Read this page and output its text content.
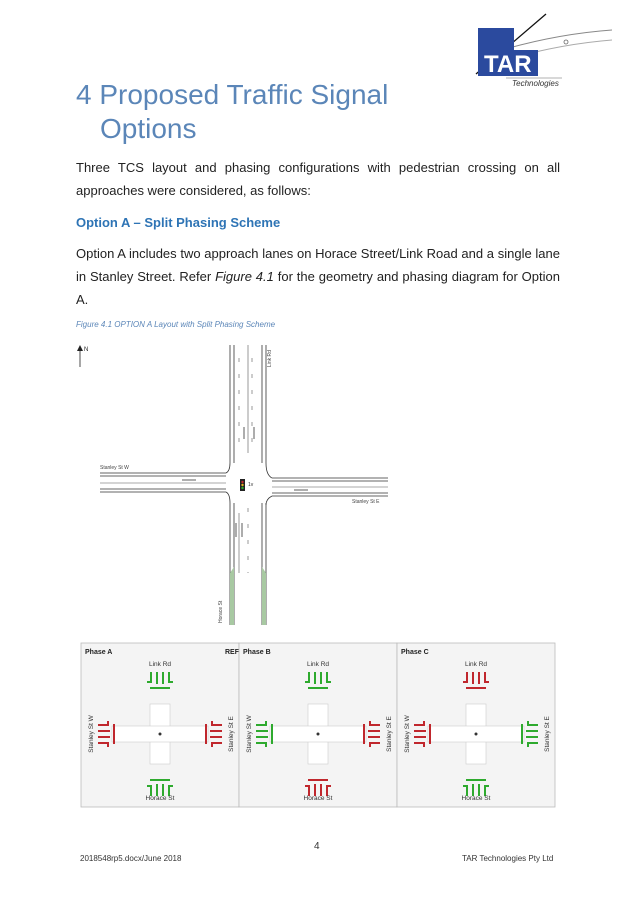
TAR
Technologies
4 Proposed Traffic Signal
Options

Three TCS layout and phasing configurations with pedestrian crossing on all approaches were considered, as follows:

Option A – Split Phasing Scheme

Option A includes two approach lanes on Horace Street/Link Road and a single lane in Stanley Street. Refer Figure 4.1 for the geometry and phasing diagram for Option A.

Figure 4.1 OPTION A Layout with Split Phasing Scheme
N
Link Rd
Stanley St W
Stanley St E
1v
Horace St
Phase A	REF
Link Rd
Horace St
Stanley St W	Stanley St E
Phase B
Link Rd
Horace St
Stanley St W	Stanley St E
Phase C
Link Rd
Horace St
Stanley St W	Stanley St E
4
2018548rp5.docx/June 2018	TAR Technologies Pty Ltd
